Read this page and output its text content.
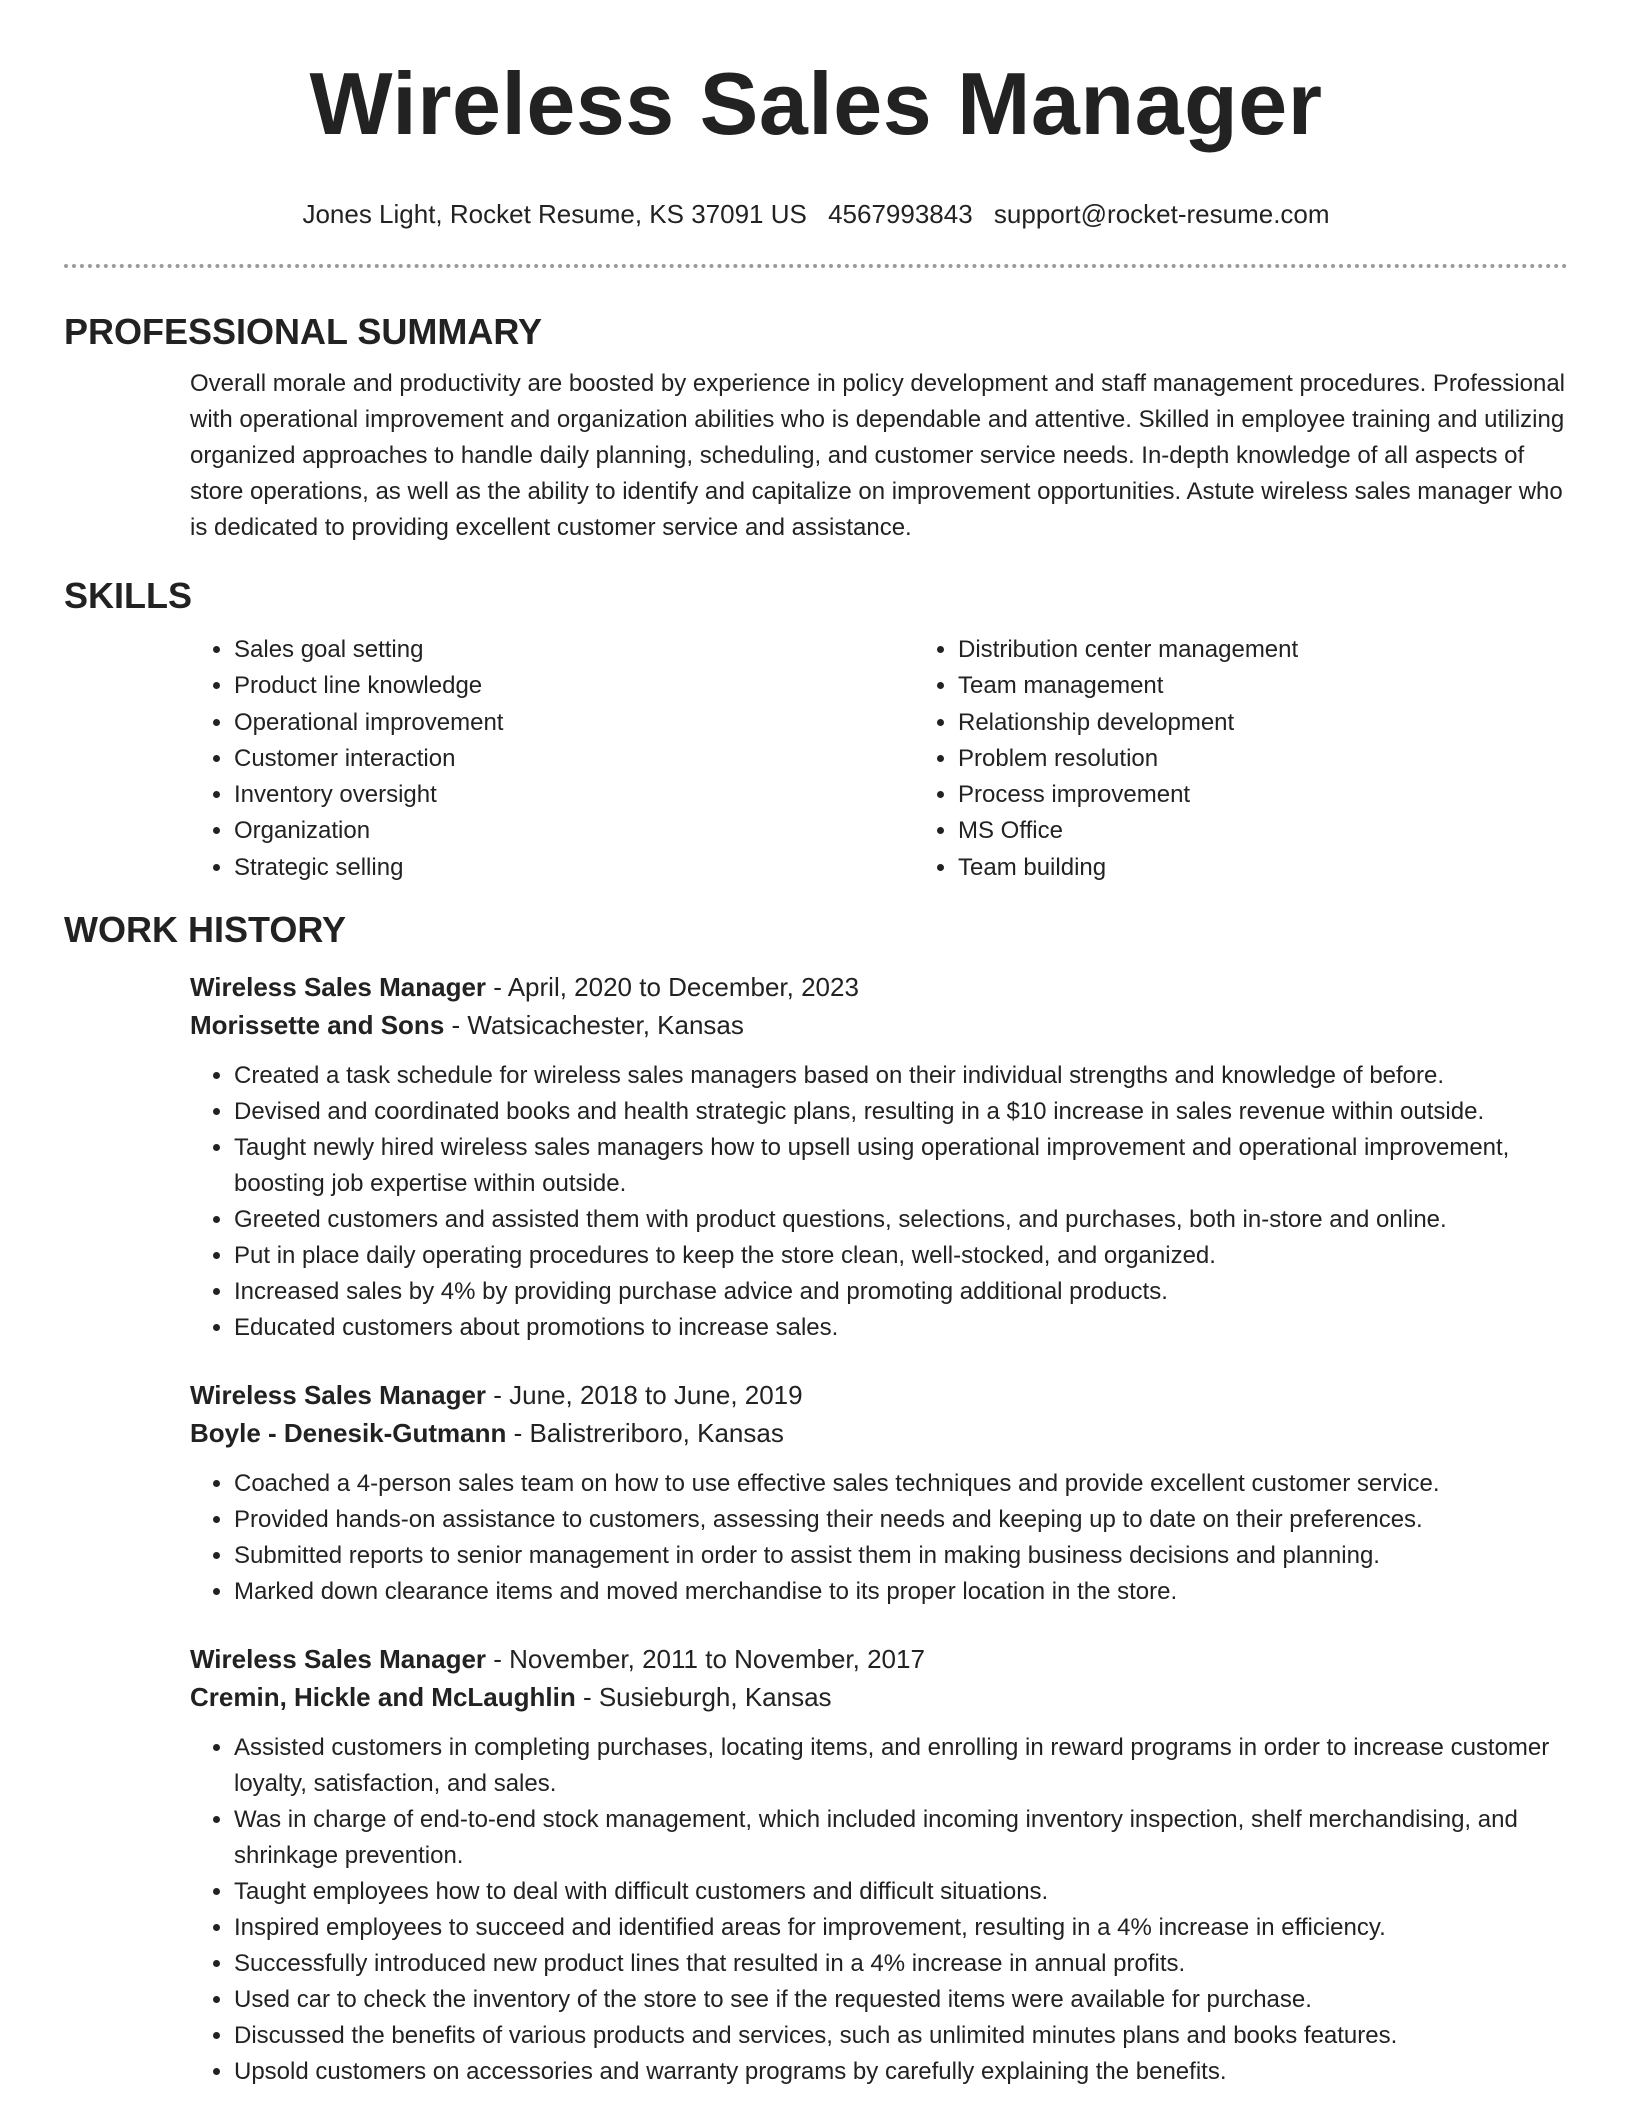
Wireless Sales Manager
Jones Light, Rocket Resume, KS 37091 US 4567993843 support@rocket-resume.com
PROFESSIONAL SUMMARY
Overall morale and productivity are boosted by experience in policy development and staff management procedures. Professional with operational improvement and organization abilities who is dependable and attentive. Skilled in employee training and utilizing organized approaches to handle daily planning, scheduling, and customer service needs. In-depth knowledge of all aspects of store operations, as well as the ability to identify and capitalize on improvement opportunities. Astute wireless sales manager who is dedicated to providing excellent customer service and assistance.
SKILLS
• Sales goal setting
• Product line knowledge
• Operational improvement
• Customer interaction
• Inventory oversight
• Organization
• Strategic selling
• Distribution center management
• Team management
• Relationship development
• Problem resolution
• Process improvement
• MS Office
• Team building
WORK HISTORY
Wireless Sales Manager - April, 2020 to December, 2023
Morissette and Sons - Watsicachester, Kansas
• Created a task schedule for wireless sales managers based on their individual strengths and knowledge of before.
• Devised and coordinated books and health strategic plans, resulting in a $10 increase in sales revenue within outside.
• Taught newly hired wireless sales managers how to upsell using operational improvement and operational improvement, boosting job expertise within outside.
• Greeted customers and assisted them with product questions, selections, and purchases, both in-store and online.
• Put in place daily operating procedures to keep the store clean, well-stocked, and organized.
• Increased sales by 4% by providing purchase advice and promoting additional products.
• Educated customers about promotions to increase sales.
Wireless Sales Manager - June, 2018 to June, 2019
Boyle - Denesik-Gutmann - Balistreriboro, Kansas
• Coached a 4-person sales team on how to use effective sales techniques and provide excellent customer service.
• Provided hands-on assistance to customers, assessing their needs and keeping up to date on their preferences.
• Submitted reports to senior management in order to assist them in making business decisions and planning.
• Marked down clearance items and moved merchandise to its proper location in the store.
Wireless Sales Manager - November, 2011 to November, 2017
Cremin, Hickle and McLaughlin - Susieburgh, Kansas
• Assisted customers in completing purchases, locating items, and enrolling in reward programs in order to increase customer loyalty, satisfaction, and sales.
• Was in charge of end-to-end stock management, which included incoming inventory inspection, shelf merchandising, and shrinkage prevention.
• Taught employees how to deal with difficult customers and difficult situations.
• Inspired employees to succeed and identified areas for improvement, resulting in a 4% increase in efficiency.
• Successfully introduced new product lines that resulted in a 4% increase in annual profits.
• Used car to check the inventory of the store to see if the requested items were available for purchase.
• Discussed the benefits of various products and services, such as unlimited minutes plans and books features.
• Upsold customers on accessories and warranty programs by carefully explaining the benefits.
